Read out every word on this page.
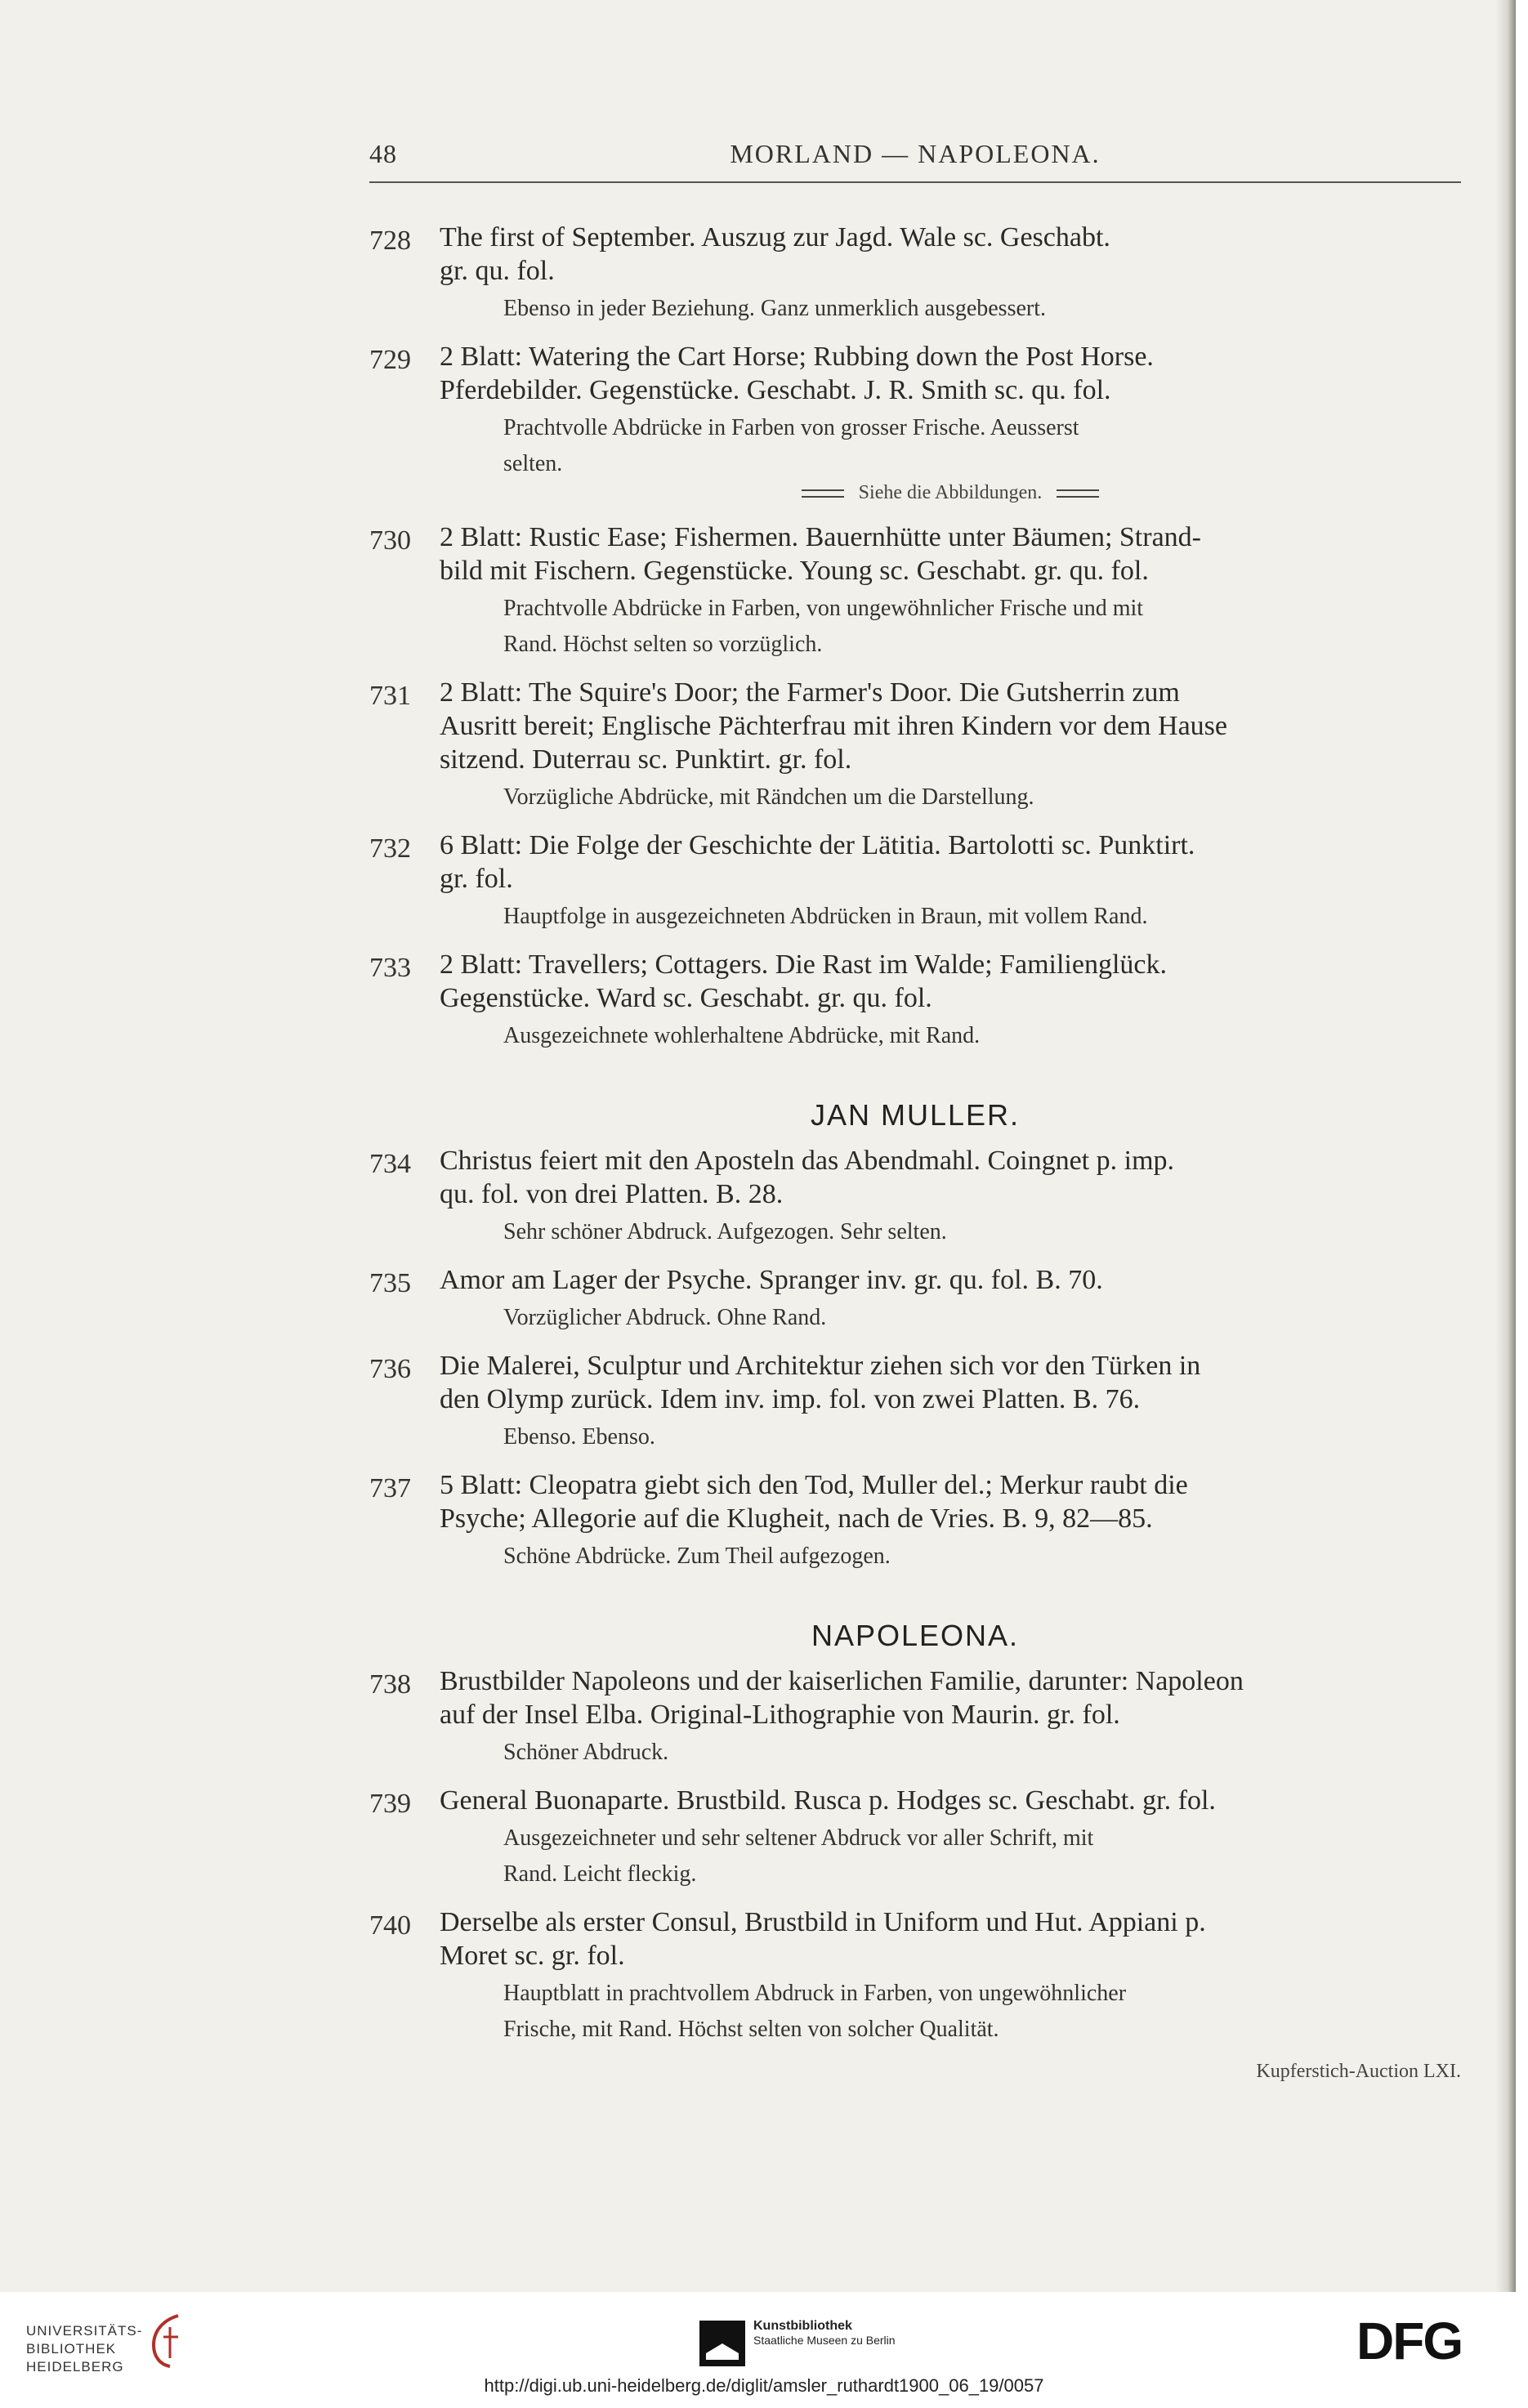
48	MORLAND — NAPOLEONA.
728 The first of September. Auszug zur Jagd. Wale sc. Geschabt.
gr. qu. fol.
Ebenso in jeder Beziehung. Ganz unmerklich ausgebessert.
729 2 Blatt: Watering the Cart Horse; Rubbing down the Post Horse.
Pferdebilder. Gegenstücke. Geschabt. J. R. Smith sc. qu. fol.
Prachtvolle Abdrücke in Farben von grosser Frische. Aeusserst
selten.
Siehe die Abbildungen.
730 2 Blatt: Rustic Ease; Fishermen. Bauernhütte unter Bäumen; Strand-
bild mit Fischern. Gegenstücke. Young sc. Geschabt. gr. qu. fol.
Prachtvolle Abdrücke in Farben, von ungewöhnlicher Frische und mit
Rand. Höchst selten so vorzüglich.
731 2 Blatt: The Squire's Door; the Farmer's Door. Die Gutsherrin zum
Ausritt bereit; Englische Pächterfrau mit ihren Kindern vor dem Hause
sitzend. Duterrau sc. Punktirt. gr. fol.
Vorzügliche Abdrücke, mit Rändchen um die Darstellung.
732 6 Blatt: Die Folge der Geschichte der Lätitia. Bartolotti sc. Punktirt.
gr. fol.
Hauptfolge in ausgezeichneten Abdrücken in Braun, mit vollem Rand.
733 2 Blatt: Travellers; Cottagers. Die Rast im Walde; Familienglück.
Gegenstücke. Ward sc. Geschabt. gr. qu. fol.
Ausgezeichnete wohlerhaltene Abdrücke, mit Rand.
JAN MULLER.
734 Christus feiert mit den Aposteln das Abendmahl. Coingnet p. imp.
qu. fol. von drei Platten. B. 28.
Sehr schöner Abdruck. Aufgezogen. Sehr selten.
735 Amor am Lager der Psyche. Spranger inv. gr. qu. fol. B. 70.
Vorzüglicher Abdruck. Ohne Rand.
736 Die Malerei, Sculptur und Architektur ziehen sich vor den Türken in
den Olymp zurück. Idem inv. imp. fol. von zwei Platten. B. 76.
Ebenso. Ebenso.
737 5 Blatt: Cleopatra giebt sich den Tod, Muller del.; Merkur raubt die
Psyche; Allegorie auf die Klugheit, nach de Vries. B. 9, 82—85.
Schöne Abdrücke. Zum Theil aufgezogen.
NAPOLEONA.
738 Brustbilder Napoleons und der kaiserlichen Familie, darunter: Napoleon
auf der Insel Elba. Original-Lithographie von Maurin. gr. fol.
Schöner Abdruck.
739 General Buonaparte. Brustbild. Rusca p. Hodges sc. Geschabt. gr. fol.
Ausgezeichneter und sehr seltener Abdruck vor aller Schrift, mit
Rand. Leicht fleckig.
740 Derselbe als erster Consul, Brustbild in Uniform und Hut. Appiani p.
Moret sc. gr. fol.
Hauptblatt in prachtvollem Abdruck in Farben, von ungewöhnlicher
Frische, mit Rand. Höchst selten von solcher Qualität.
Kupferstich-Auction LXI.
UNIVERSITÄTS-
BIBLIOTHEK
HEIDELBERG
Kunstbibliothek
Staatliche Museen zu Berlin	DFG
http://digi.ub.uni-heidelberg.de/diglit/amsler_ruthardt1900_06_19/0057
